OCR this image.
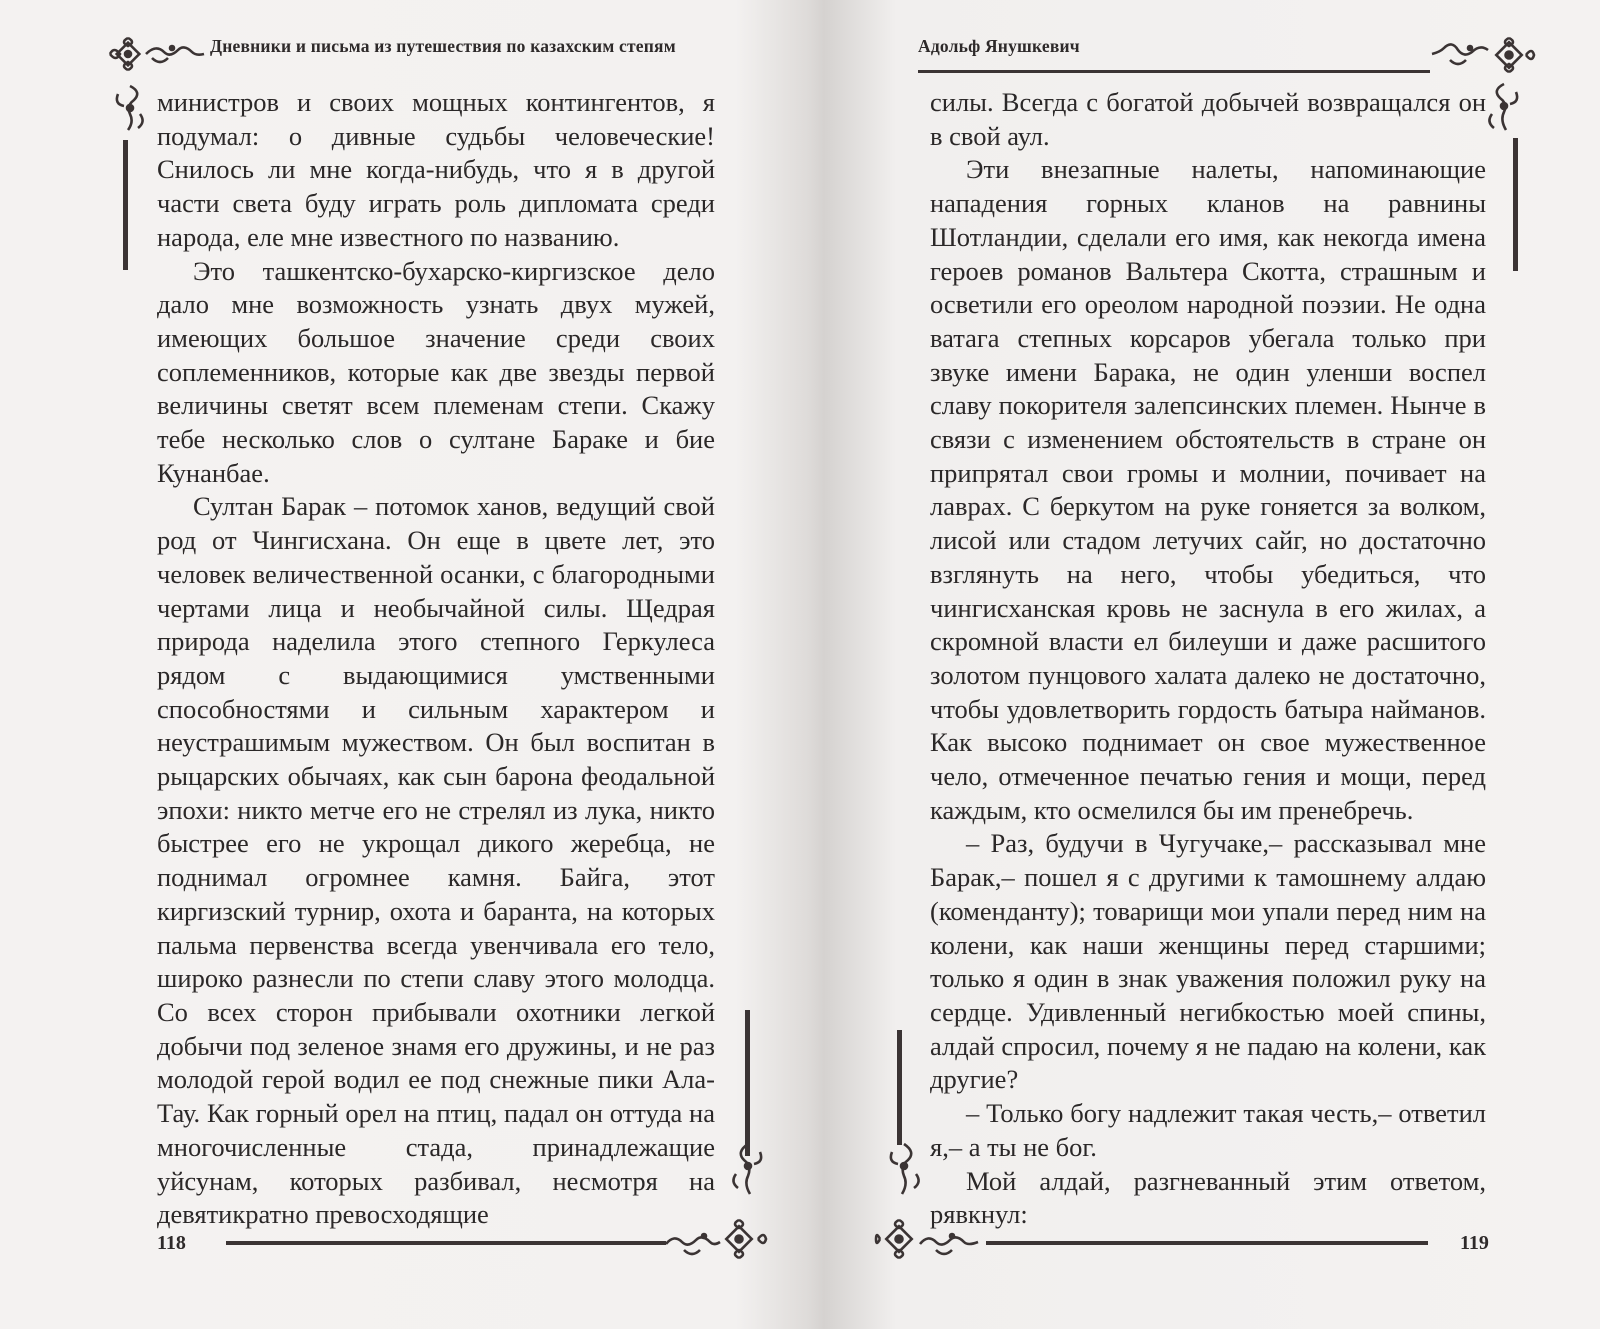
Дневники и письма из путешествия по казахским степям

министров и своих мощных контингентов, я подумал: о дивные судьбы человеческие! Снилось ли мне когда-нибудь, что я в другой части света буду играть роль дипломата среди народа, еле мне известного по названию.

Это ташкентско-бухарско-киргизское дело дало мне возможность узнать двух мужей, имеющих большое значение среди своих соплеменников, которые как две звезды первой величины светят всем племенам степи. Скажу тебе несколько слов о султане Бараке и бие Кунанбае.

Султан Барак – потомок ханов, ведущий свой род от Чингисхана. Он еще в цвете лет, это человек величественной осанки, с благородными чертами лица и необычайной силы. Щедрая природа наделила этого степного Геркулеса рядом с выдающимися умственными способностями и сильным характером и неустрашимым мужеством. Он был воспитан в рыцарских обычаях, как сын барона феодальной эпохи: никто метче его не стрелял из лука, никто быстрее его не укрощал дикого жеребца, не поднимал огромнее камня. Байга, этот киргизский турнир, охота и баранта, на которых пальма первенства всегда увенчивала его тело, широко разнесли по степи славу этого молодца. Со всех сторон прибывали охотники легкой добычи под зеленое знамя его дружины, и не раз молодой герой водил ее под снежные пики Ала-Тау. Как горный орел на птиц, падал он оттуда на многочисленные стада, принадлежащие уйсунам, которых разбивал, несмотря на девятикратно превосходящие

118
Адольф Янушкевич

силы. Всегда с богатой добычей возвращался он в свой аул.

Эти внезапные налеты, напоминающие нападения горных кланов на равнины Шотландии, сделали его имя, как некогда имена героев романов Вальтера Скотта, страшным и осветили его ореолом народной поэзии. Не одна ватага степных корсаров убегала только при звуке имени Барака, не один уленши воспел славу покорителя залепсинских племен. Нынче в связи с изменением обстоятельств в стране он припрятал свои громы и молнии, почивает на лаврах. С беркутом на руке гоняется за волком, лисой или стадом летучих сайг, но достаточно взглянуть на него, чтобы убедиться, что чингисханская кровь не заснула в его жилах, а скромной власти ел билеуши и даже расшитого золотом пунцового халата далеко не достаточно, чтобы удовлетворить гордость батыра найманов. Как высоко поднимает он свое мужественное чело, отмеченное печатью гения и мощи, перед каждым, кто осмелился бы им пренебречь.

– Раз, будучи в Чугучаке,– рассказывал мне Барак,– пошел я с другими к тамошнему алдаю (коменданту); товарищи мои упали перед ним на колени, как наши женщины перед старшими; только я один в знак уважения положил руку на сердце. Удивленный негибкостью моей спины, алдай спросил, почему я не падаю на колени, как другие?

– Только богу надлежит такая честь,– ответил я,– а ты не бог.

Мой алдай, разгневанный этим ответом, рявкнул:

119
